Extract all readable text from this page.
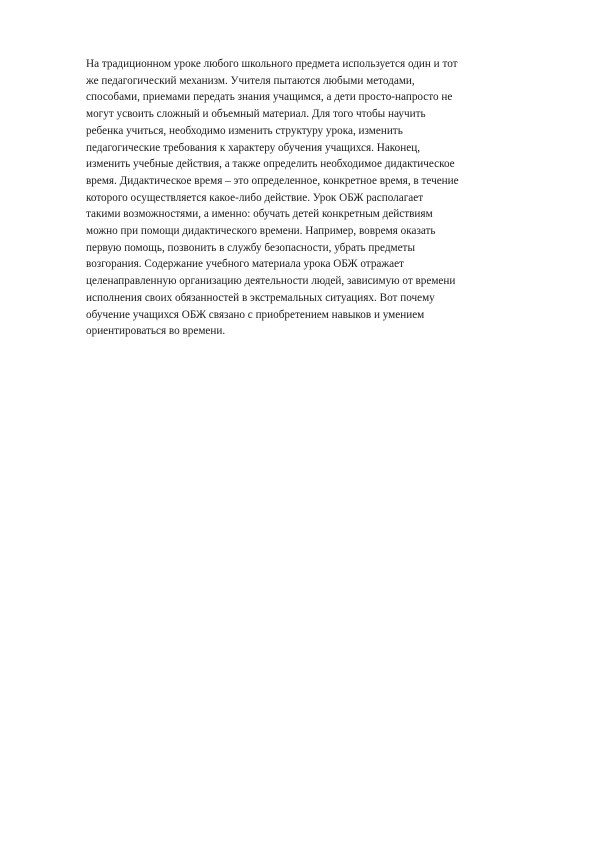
На традиционном уроке любого школьного предмета используется один и тот
же педагогический механизм. Учителя пытаются любыми методами,
способами, приемами передать знания учащимся, а дети просто-напросто не
могут усвоить сложный и объемный материал. Для того чтобы научить
ребенка учиться, необходимо изменить структуру урока, изменить
педагогические требования к характеру обучения учащихся. Наконец,
изменить учебные действия, а также определить необходимое дидактическое
время. Дидактическое время – это определенное, конкретное время, в течение
которого осуществляется какое-либо действие. Урок ОБЖ располагает
такими возможностями, а именно: обучать детей конкретным действиям
можно при помощи дидактического времени. Например, вовремя оказать
первую помощь, позвонить в службу безопасности, убрать предметы
возгорания. Содержание учебного материала урока ОБЖ отражает
целенаправленную организацию деятельности людей, зависимую от времени
исполнения своих обязанностей в экстремальных ситуациях. Вот почему
обучение учащихся ОБЖ связано с приобретением навыков и умением
ориентироваться во времени.
